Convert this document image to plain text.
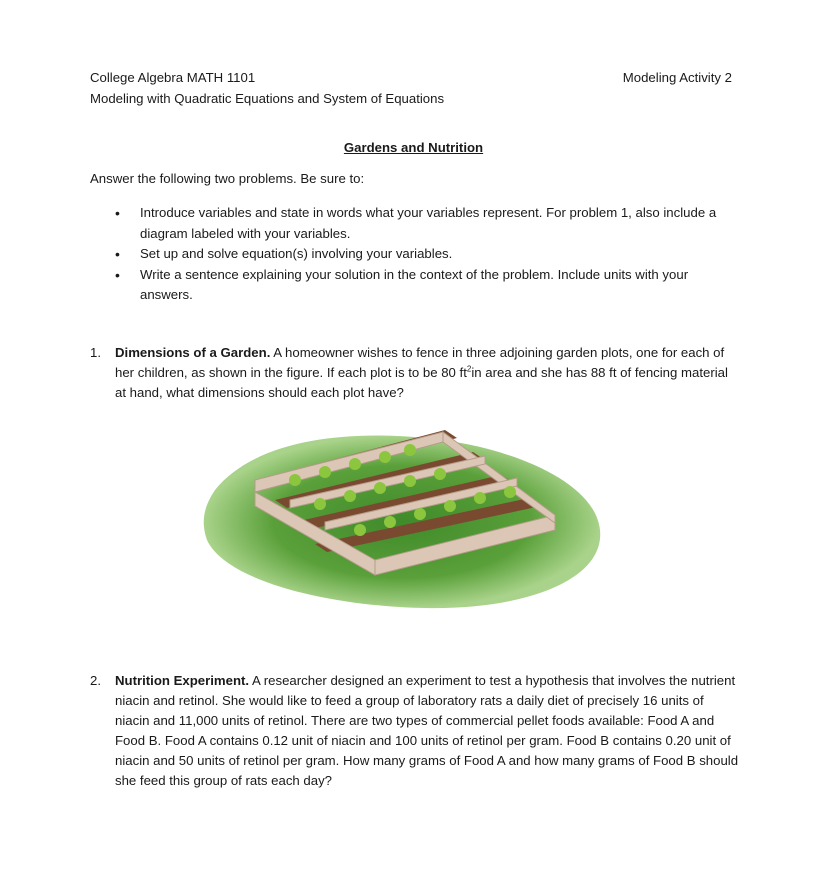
College Algebra MATH 1101
Modeling with Quadratic Equations and System of Equations
Modeling Activity 2
Gardens and Nutrition
Answer the following two problems. Be sure to:
• Introduce variables and state in words what your variables represent. For problem 1, also include a diagram labeled with your variables.
• Set up and solve equation(s) involving your variables.
• Write a sentence explaining your solution in the context of the problem. Include units with your answers.
1. Dimensions of a Garden. A homeowner wishes to fence in three adjoining garden plots, one for each of her children, as shown in the figure. If each plot is to be 80 $ft^2in$ area and she has 88 ft of fencing material at hand, what dimensions should each plot have?
2. Nutrition Experiment. A researcher designed an experiment to test a hypothesis that involves the nutrient niacin and retinol. She would like to feed a group of laboratory rats a daily diet of precisely 16 units of niacin and 11,000 units of retinol. There are two types of commercial pellet foods available: Food A and Food B. Food A contains 0.12 unit of niacin and 100 units of retinol per gram. Food B contains 0.20 unit of niacin and 50 units of retinol per gram. How many grams of Food A and how many grams of Food B should she feed this group of rats each day?
